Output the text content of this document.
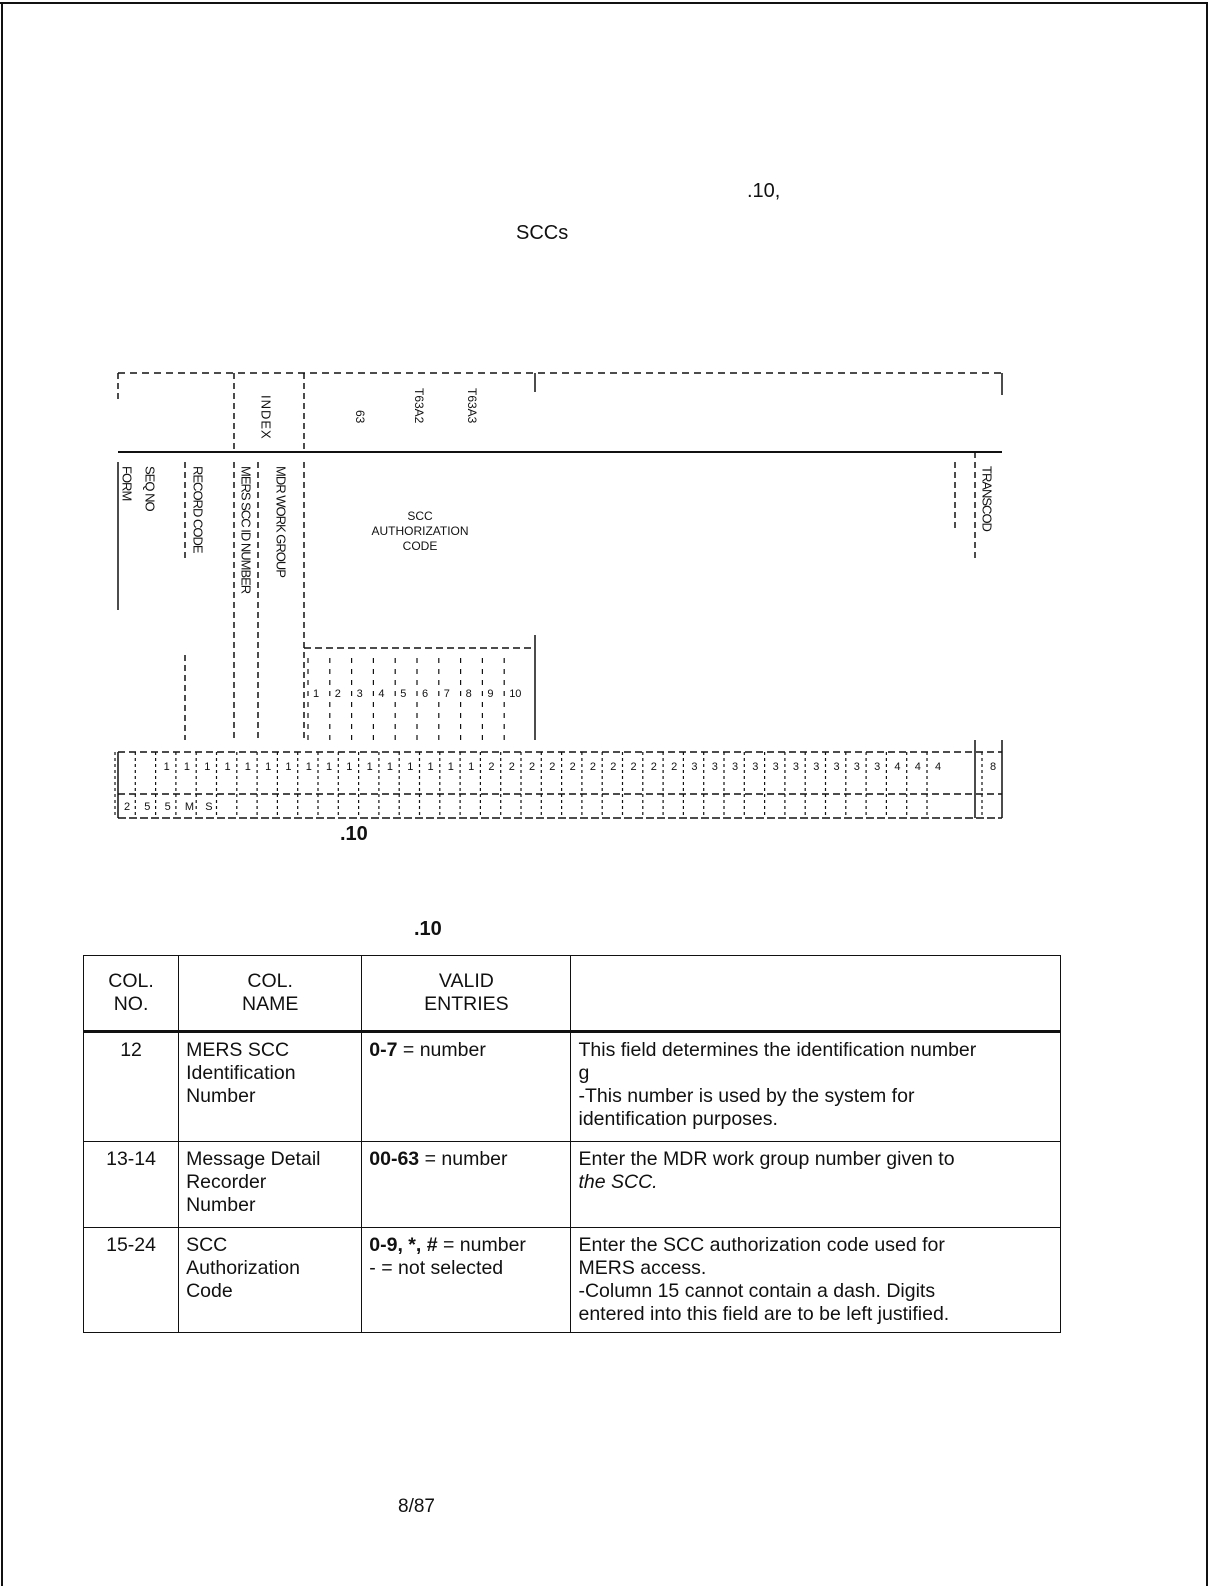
.10,
SCCs
1 1 1 1 1 1 1 1 1 1 1 1 1 1 1 1 2 2 2 2 2 2 2 2 2 2 3 3 3 3 3 3 3 3 3 3 4 4 4	8
1 2 3 4 5 6 7 8 9 10
2 5 5 M S
INDEX	63	T63A2	T63A3
FORM SEQ NO	RECORD CODE	MERS SCC ID NUMBER MDR WORK GROUP	TRANSCOD
SCC
AUTHORIZATION
CODE
.10
.10
COL.
NO.	COL.
NAME	VALID
ENTRIES	
12	MERS SCC
Identification
Number	0-7 = number	This field determines the identification number
g
-This number is used by the system for
identification purposes.
13-14	Message Detail
Recorder
Number	00-63 = number	Enter the MDR work group number given to
the SCC.
15-24	SCC
Authorization
Code	0-9, *, # = number
- = not selected	Enter the SCC authorization code used for
MERS access.
-Column 15 cannot contain a dash. Digits
entered into this field are to be left justified.
8/87
